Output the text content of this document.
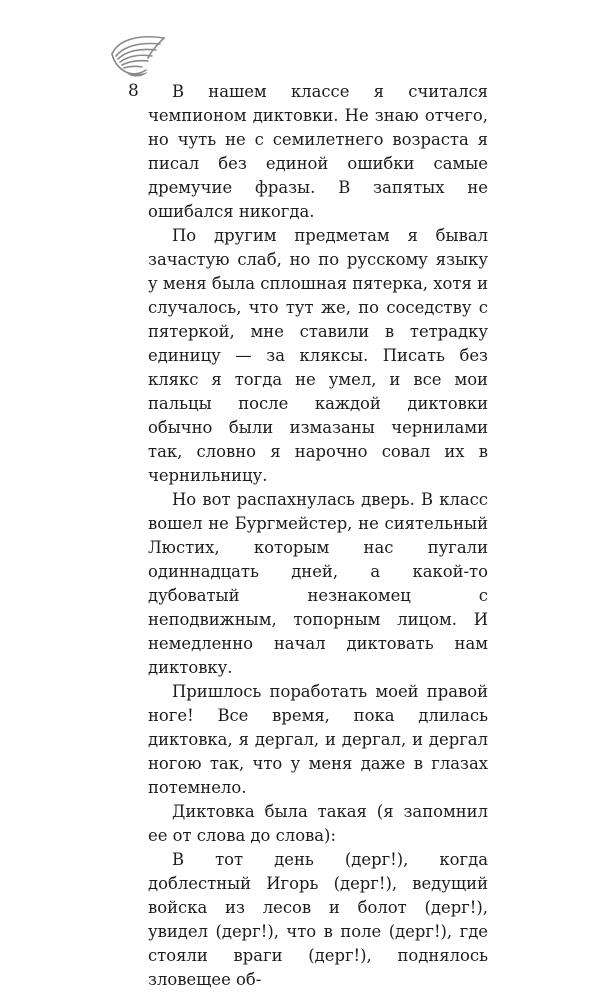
8	В нашем классе я считался чемпионом диктовки. Не знаю отчего, но чуть не с семилетнего возраста я писал без единой ошибки самые дремучие фразы. В запятых не ошибался никогда.

По другим предметам я бывал зачастую слаб, но по русскому языку у меня была сплошная пятерка, хотя и случалось, что тут же, по соседству с пятеркой, мне ставили в тетрадку единицу — за кляксы. Писать без клякс я тогда не умел, и все мои пальцы после каждой диктовки обычно были измазаны чернилами так, словно я нарочно совал их в чернильницу.

Но вот распахнулась дверь. В класс вошел не Бургмейстер, не сиятельный Люстих, которым нас пугали одиннадцать дней, а какой-то дубоватый незнакомец с неподвижным, топорным лицом. И немедленно начал диктовать нам диктовку.

Пришлось поработать моей правой ноге! Все время, пока длилась диктовка, я дергал, и дергал, и дергал ногою так, что у меня даже в глазах потемнело.

Диктовка была такая (я запомнил ее от слова до слова):

В тот день (дерг!), когда доблестный Игорь (дерг!), ведущий войска из лесов и болот (дерг!), увидел (дерг!), что в поле (дерг!), где стояли враги (дерг!), поднялось зловещее об-
